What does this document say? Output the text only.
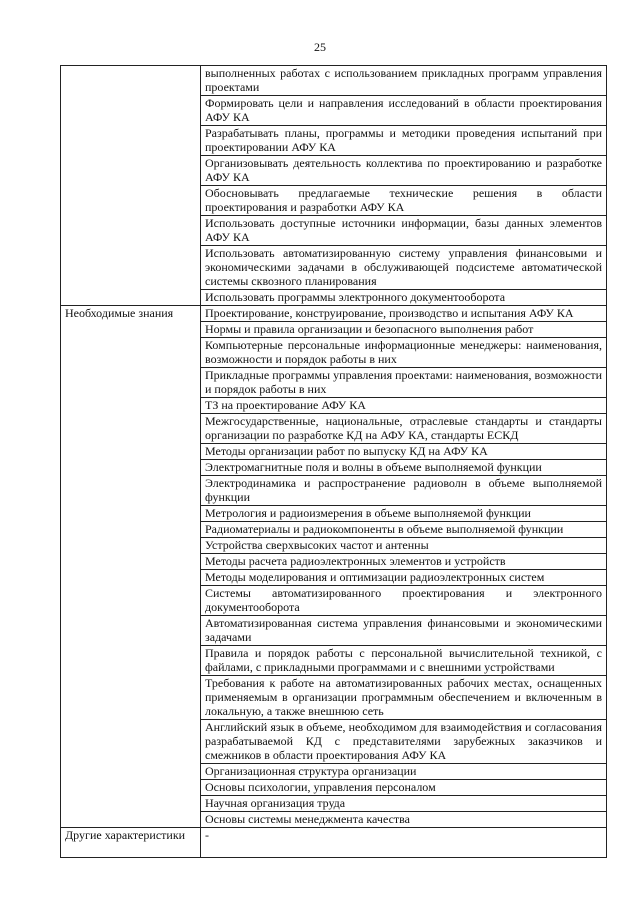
25
	выполненных работах с использованием прикладных программ управления проектами
	Формировать цели и направления исследований в области проектирования АФУ КА
	Разрабатывать планы, программы и методики проведения испытаний при проектировании АФУ КА
	Организовывать деятельность коллектива по проектированию и разработке АФУ КА
	Обосновывать предлагаемые технические решения в области проектирования и разработки АФУ КА
	Использовать доступные источники информации, базы данных элементов АФУ КА
	Использовать автоматизированную систему управления финансовыми и экономическими задачами в обслуживающей подсистеме автоматической системы сквозного планирования
	Использовать программы электронного документооборота
Необходимые знания	Проектирование, конструирование, производство и испытания АФУ КА
	Нормы и правила организации и безопасного выполнения работ
	Компьютерные персональные информационные менеджеры: наименования, возможности и порядок работы в них
	Прикладные программы управления проектами: наименования, возможности и порядок работы в них
	ТЗ на проектирование АФУ КА
	Межгосударственные, национальные, отраслевые стандарты и стандарты организации по разработке КД на АФУ КА, стандарты ЕСКД
	Методы организации работ по выпуску КД на АФУ КА
	Электромагнитные поля и волны в объеме выполняемой функции
	Электродинамика и распространение радиоволн в объеме выполняемой функции
	Метрология и радиоизмерения в объеме выполняемой функции
	Радиоматериалы и радиокомпоненты в объеме выполняемой функции
	Устройства сверхвысоких частот и антенны
	Методы расчета радиоэлектронных элементов и устройств
	Методы моделирования и оптимизации радиоэлектронных систем
	Системы автоматизированного проектирования и электронного документооборота
	Автоматизированная система управления финансовыми и экономическими задачами
	Правила и порядок работы с персональной вычислительной техникой, с файлами, с прикладными программами и с внешними устройствами
	Требования к работе на автоматизированных рабочих местах, оснащенных применяемым в организации программным обеспечением и включенным в локальную, а также внешнюю сеть
	Английский язык в объеме, необходимом для взаимодействия и согласования разрабатываемой КД с представителями зарубежных заказчиков и смежников в области проектирования АФУ КА
	Организационная структура организации
	Основы психологии, управления персоналом
	Научная организация труда
	Основы системы менеджмента качества
Другие характеристики	-
